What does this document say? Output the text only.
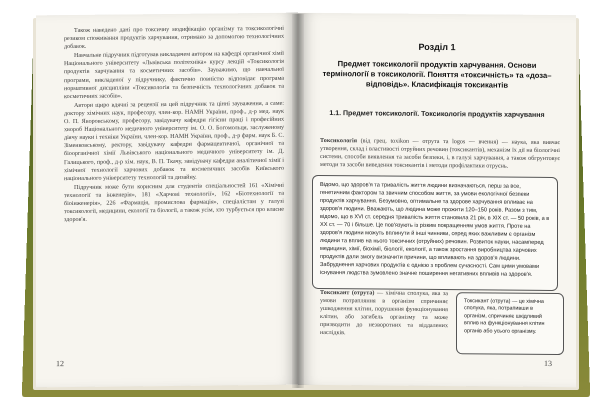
Також наведено дані про токсичну модифікацію організму та токсикологічні резиком споживання продуктів харчування, отримано за допомогою технологічних добавок.

Навчальне підручник підготував викладачем автором на кафедрі органічної хімії Національного університету «Львівська політехніка» курсу лекцій «Токсикологія продуктів харчування та косметичних засобів». Зауважимо, що навчальної програми, викладеної у підручнику, фактично повністю відповідає програма нормативної дисципліни «Токсикологія та безпечність технологічних добавок та косметичних засобів».

Автори щиро вдячні за рецензії на цей підручник та цінні зауваження, а саме: доктору хімічних наук, професору, член-кор. НАМН України, проф., д-р мед. наук О. П. Яворовському, професору, завідувачу кафедри гігієни праці і професійних хвороб Національного медичного університету ім. О. О. Богомольця, заслуженому діячу науки і техніки України, член-кор. НАМН України, проф., д-р фарм. наук Б. С. Зіменковському, ректору, завідувачу кафедри фармацевтичної, органічної та біоорганічної хімії Львівського національного медичного університету ім. Д. Галицького, проф., д-р хім. наук, В. П. Ткачу, завідувачу кафедри аналітичної хімії і хімічної технології харчових добавок та косметичних засобів Київського національного університету технологій та дизайну.

Підручник може бути корисним для студентів спеціальностей 161 «Хімічні технології та інженерія», 181 «Харчові технології», 162 «Біотехнології та біоінженерія», 226 «Фармація, промислова фармація», спеціалістам у галузі токсикології, медицини, екології та біології, а також усім, хто турбується про власне здоров'я.

12
Розділ 1
Предмет токсикології продуктів харчування. Основи термінології в токсикології. Поняття «токсичність» та «доза–відповідь». Класифікація токсикантів
1.1. Предмет токсикології. Токсикологія продуктів харчування
Токсикологія (від грец. toxikon — отрута та logos — вчення) — наука, яка вивчає утворення, склад і властивості отруйних речовин (токсикантів), механізм їх дії на біологічні системи, способи виявлення та засоби безпеки, і, в галузі харчування, а також обгрунтовує методи та засоби виведення токсикантів і методи профілактики отруєнь.
Відомо, що здоров'я та тривалість життя людини визначаються, перш за все, генетичним фактором та звичним способом життя, за умови екологічної безпеки продуктів харчування. Безумовно, оптимальне та здорове харчування впливає на здоров'я людини. Вважають, що людина може прожити 120–150 років. Разом з тим, відомо, що в XVI ст. середня тривалість життя становила 21 рік, в XIX ст. — 50 років, а в XX ст. — 70 і більше. Це пов'язують із різким покращенням умов життя. Проте на здоров'я людини можуть вплинути й інші чинники, серед яких важливим є організм людини та вплив на нього токсичних (отруйних) речовин. Розвиток науки, насамперед медицини, хімії, біохімії, біології, екології, а також зростання виробництва харчових продуктів дали змогу визначити причини, що впливають на здоров'я людини. Забруднення харчових продуктів є однією з проблем сучасності. Сам цими умовами існування людства зумовлено значне поширення негативних впливів на здоров'я.
Токсикант (отрута) — хімічна сполука, яка за умови потрапляння в організм спричиняє ушкодження клітин, порушення функціонування клітин, або загибель організму та може призводити до незворотних та віддалених наслідків.
Токсикант (отрута) — це хімічна сполука, яка, потрапивши в організм, спричиняє шкідливий вплив на функціонування клітин органів або усього організму.
13
